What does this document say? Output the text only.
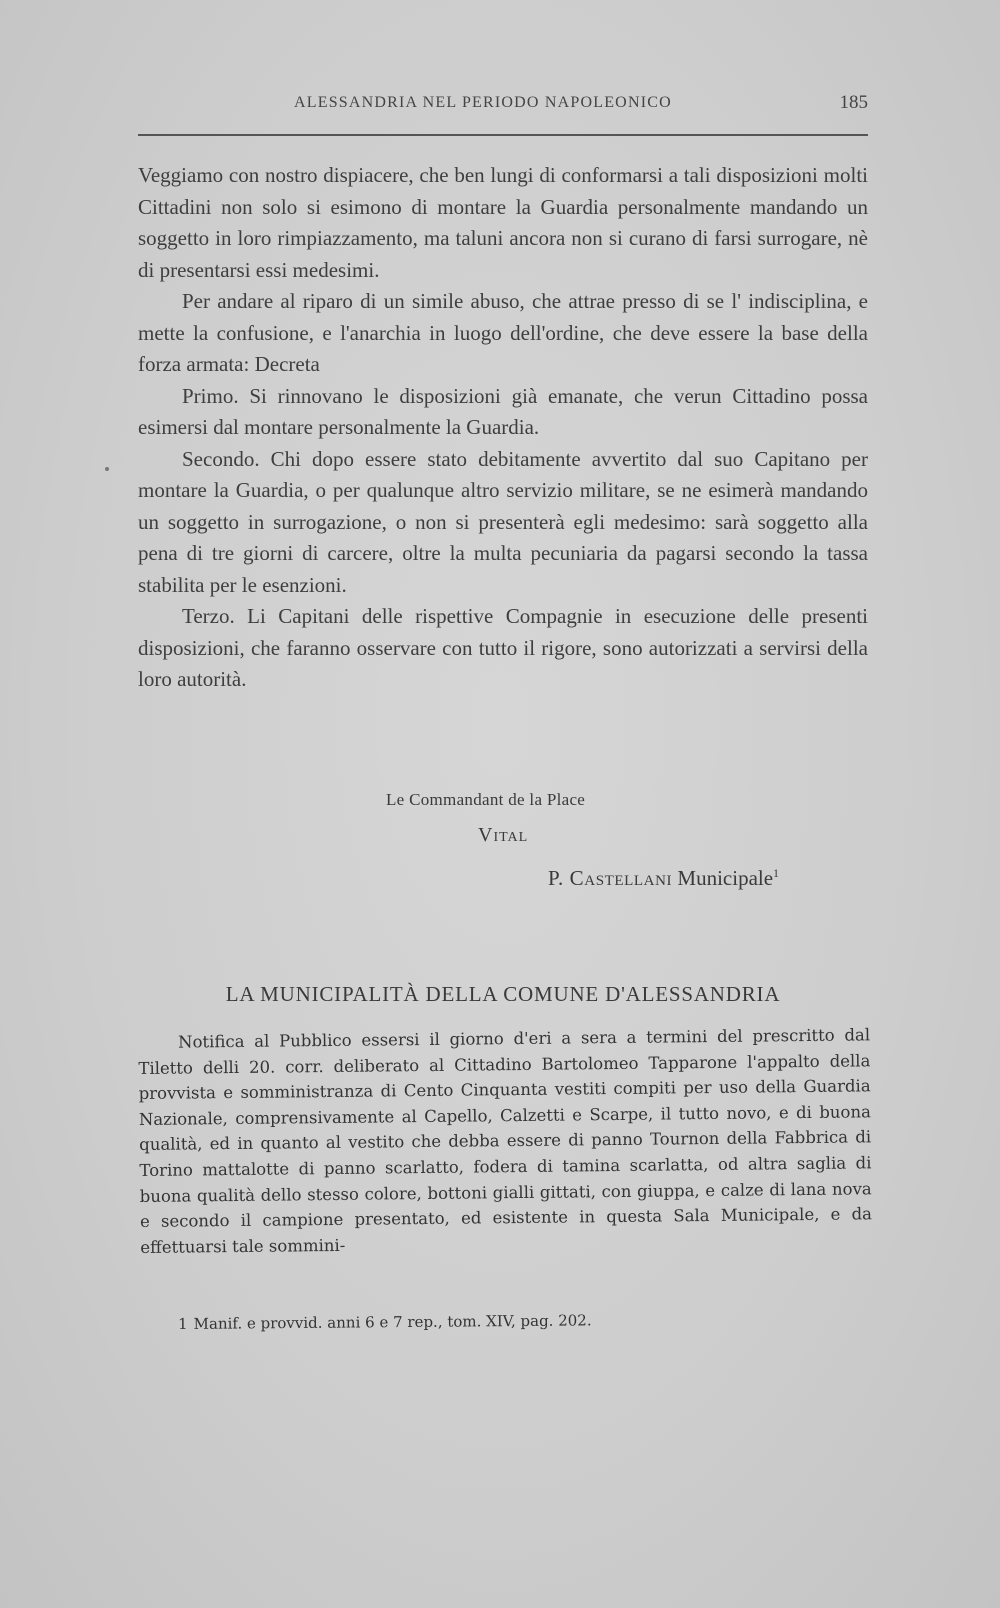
ALESSANDRIA NEL PERIODO NAPOLEONICO	185

Veggiamo con nostro dispiacere, che ben lungi di conformarsi a tali disposizioni molti Cittadini non solo si esimono di montare la Guardia personalmente mandando un soggetto in loro rimpiazzamento, ma taluni ancora non si curano di farsi surrogare, nè di presentarsi essi medesimi.

Per andare al riparo di un simile abuso, che attrae presso di se l' indisciplina, e mette la confusione, e l'anarchia in luogo dell'ordine, che deve essere la base della forza armata: Decreta

Primo. Si rinnovano le disposizioni già emanate, che verun Cittadino possa esimersi dal montare personalmente la Guardia.

Secondo. Chi dopo essere stato debitamente avvertito dal suo Capitano per montare la Guardia, o per qualunque altro servizio militare, se ne esimerà mandando un soggetto in surrogazione, o non si presenterà egli medesimo: sarà soggetto alla pena di tre giorni di carcere, oltre la multa pecuniaria da pagarsi secondo la tassa stabilita per le esenzioni.

Terzo. Li Capitani delle rispettive Compagnie in esecuzione delle presenti disposizioni, che faranno osservare con tutto il rigore, sono autorizzati a servirsi della loro autorità.

Le Commandant de la Place
Vital
P. Castellani Municipale$^1$
LA MUNICIPALITÀ DELLA COMUNE D'ALESSANDRIA

Notifica al Pubblico essersi il giorno d'eri a sera a termini del prescritto dal Tiletto delli 20. corr. deliberato al Cittadino Bartolomeo Tapparone l'appalto della provvista e somministranza di Cento Cinquanta vestiti compiti per uso della Guardia Nazionale, comprensivamente al Capello, Calzetti e Scarpe, il tutto novo, e di buona qualità, ed in quanto al vestito che debba essere di panno Tournon della Fabbrica di Torino mattalotte di panno scarlatto, fodera di tamina scarlatta, od altra saglia di buona qualità dello stesso colore, bottoni gialli gittati, con giuppa, e calze di lana nova e secondo il campione presentato, ed esistente in questa Sala Municipale, e da effettuarsi tale sommini-

1 Manif. e provvid. anni 6 e 7 rep., tom. XIV, pag. 202.
